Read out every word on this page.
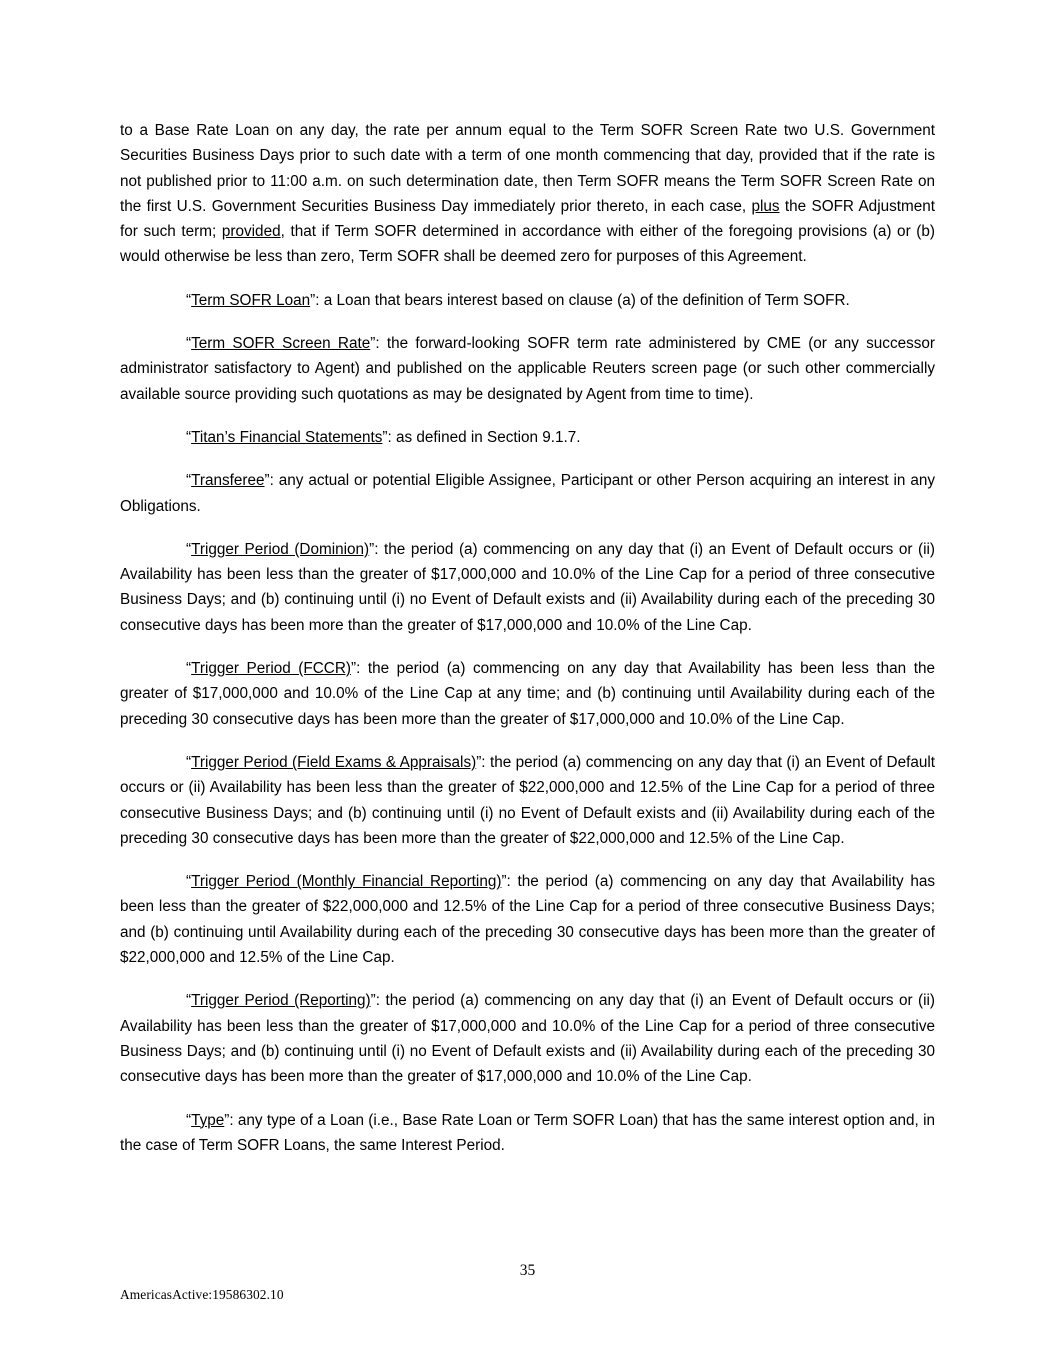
to a Base Rate Loan on any day, the rate per annum equal to the Term SOFR Screen Rate two U.S. Government Securities Business Days prior to such date with a term of one month commencing that day, provided that if the rate is not published prior to 11:00 a.m. on such determination date, then Term SOFR means the Term SOFR Screen Rate on the first U.S. Government Securities Business Day immediately prior thereto, in each case, plus the SOFR Adjustment for such term; provided, that if Term SOFR determined in accordance with either of the foregoing provisions (a) or (b) would otherwise be less than zero, Term SOFR shall be deemed zero for purposes of this Agreement.

“Term SOFR Loan”: a Loan that bears interest based on clause (a) of the definition of Term SOFR.

“Term SOFR Screen Rate”: the forward-looking SOFR term rate administered by CME (or any successor administrator satisfactory to Agent) and published on the applicable Reuters screen page (or such other commercially available source providing such quotations as may be designated by Agent from time to time).

“Titan’s Financial Statements”: as defined in Section 9.1.7.

“Transferee”: any actual or potential Eligible Assignee, Participant or other Person acquiring an interest in any Obligations.

“Trigger Period (Dominion)”: the period (a) commencing on any day that (i) an Event of Default occurs or (ii) Availability has been less than the greater of $17,000,000 and 10.0% of the Line Cap for a period of three consecutive Business Days; and (b) continuing until (i) no Event of Default exists and (ii) Availability during each of the preceding 30 consecutive days has been more than the greater of $17,000,000 and 10.0% of the Line Cap.

“Trigger Period (FCCR)”: the period (a) commencing on any day that Availability has been less than the greater of $17,000,000 and 10.0% of the Line Cap at any time; and (b) continuing until Availability during each of the preceding 30 consecutive days has been more than the greater of $17,000,000 and 10.0% of the Line Cap.

“Trigger Period (Field Exams & Appraisals)”: the period (a) commencing on any day that (i) an Event of Default occurs or (ii) Availability has been less than the greater of $22,000,000 and 12.5% of the Line Cap for a period of three consecutive Business Days; and (b) continuing until (i) no Event of Default exists and (ii) Availability during each of the preceding 30 consecutive days has been more than the greater of $22,000,000 and 12.5% of the Line Cap.

“Trigger Period (Monthly Financial Reporting)”: the period (a) commencing on any day that Availability has been less than the greater of $22,000,000 and 12.5% of the Line Cap for a period of three consecutive Business Days; and (b) continuing until Availability during each of the preceding 30 consecutive days has been more than the greater of $22,000,000 and 12.5% of the Line Cap.

“Trigger Period (Reporting)”: the period (a) commencing on any day that (i) an Event of Default occurs or (ii) Availability has been less than the greater of $17,000,000 and 10.0% of the Line Cap for a period of three consecutive Business Days; and (b) continuing until (i) no Event of Default exists and (ii) Availability during each of the preceding 30 consecutive days has been more than the greater of $17,000,000 and 10.0% of the Line Cap.

“Type”: any type of a Loan (i.e., Base Rate Loan or Term SOFR Loan) that has the same interest option and, in the case of Term SOFR Loans, the same Interest Period.

35
AmericasActive:19586302.10
